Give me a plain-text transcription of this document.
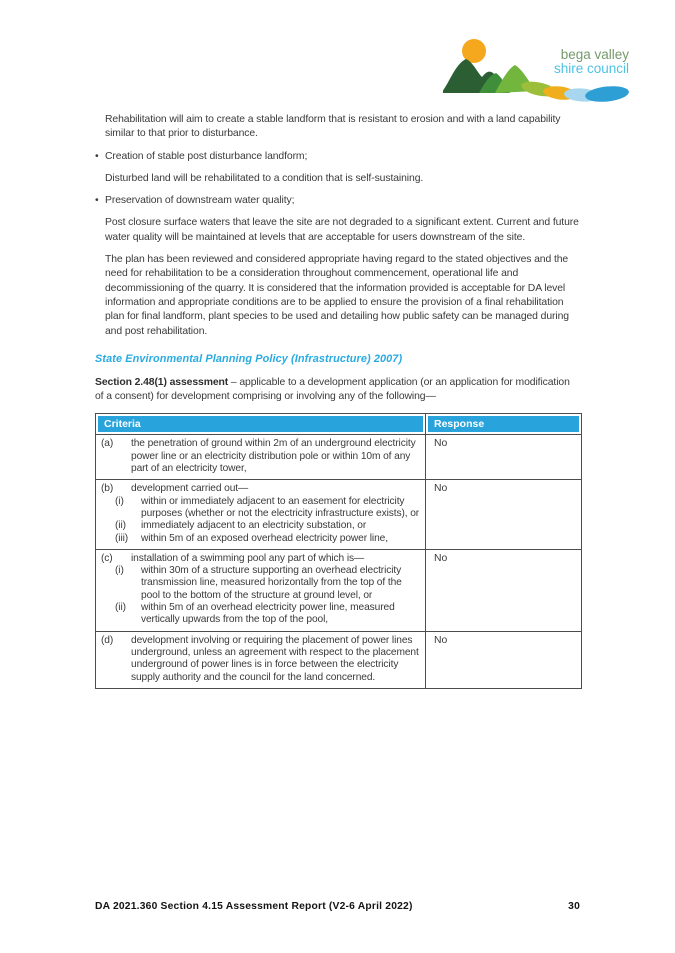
bega valley
shire council

Rehabilitation will aim to create a stable landform that is resistant to erosion and with a land capability similar to that prior to disturbance.

• Creation of stable post disturbance landform;

Disturbed land will be rehabilitated to a condition that is self-sustaining.

• Preservation of downstream water quality;

Post closure surface waters that leave the site are not degraded to a significant extent. Current and future water quality will be maintained at levels that are acceptable for users downstream of the site.

The plan has been reviewed and considered appropriate having regard to the stated objectives and the need for rehabilitation to be a consideration throughout commencement, operational life and decommissioning of the quarry. It is considered that the information provided is acceptable for DA level information and appropriate conditions are to be applied to ensure the provision of a final rehabilitation plan for final landform, plant species to be used and detailing how public safety can be managed during and post rehabilitation.

State Environmental Planning Policy (Infrastructure) 2007)

Section 2.48(1) assessment – applicable to a development application (or an application for modification of a consent) for development comprising or involving any of the following—

Criteria	Response

(a) the penetration of ground within 2m of an underground electricity power line or an electricity distribution pole or within 10m of any part of an electricity tower,	No

(b)	development carried out—
(i)	within or immediately adjacent to an easement for electricity purposes (whether or not the electricity infrastructure exists), or
(ii)	immediately adjacent to an electricity substation, or
(iii)	within 5m of an exposed overhead electricity power line,
	No

(c)	installation of a swimming pool any part of which is—
(i)	within 30m of a structure supporting an overhead electricity transmission line, measured horizontally from the top of the pool to the bottom of the structure at ground level, or
(ii)	within 5m of an overhead electricity power line, measured vertically upwards from the top of the pool,
	No

(d) development involving or requiring the placement of power lines underground, unless an agreement with respect to the placement underground of power lines is in force between the electricity supply authority and the council for the land concerned.	No
DA 2021.360 Section 4.15 Assessment Report (V2-6 April 2022)	30
